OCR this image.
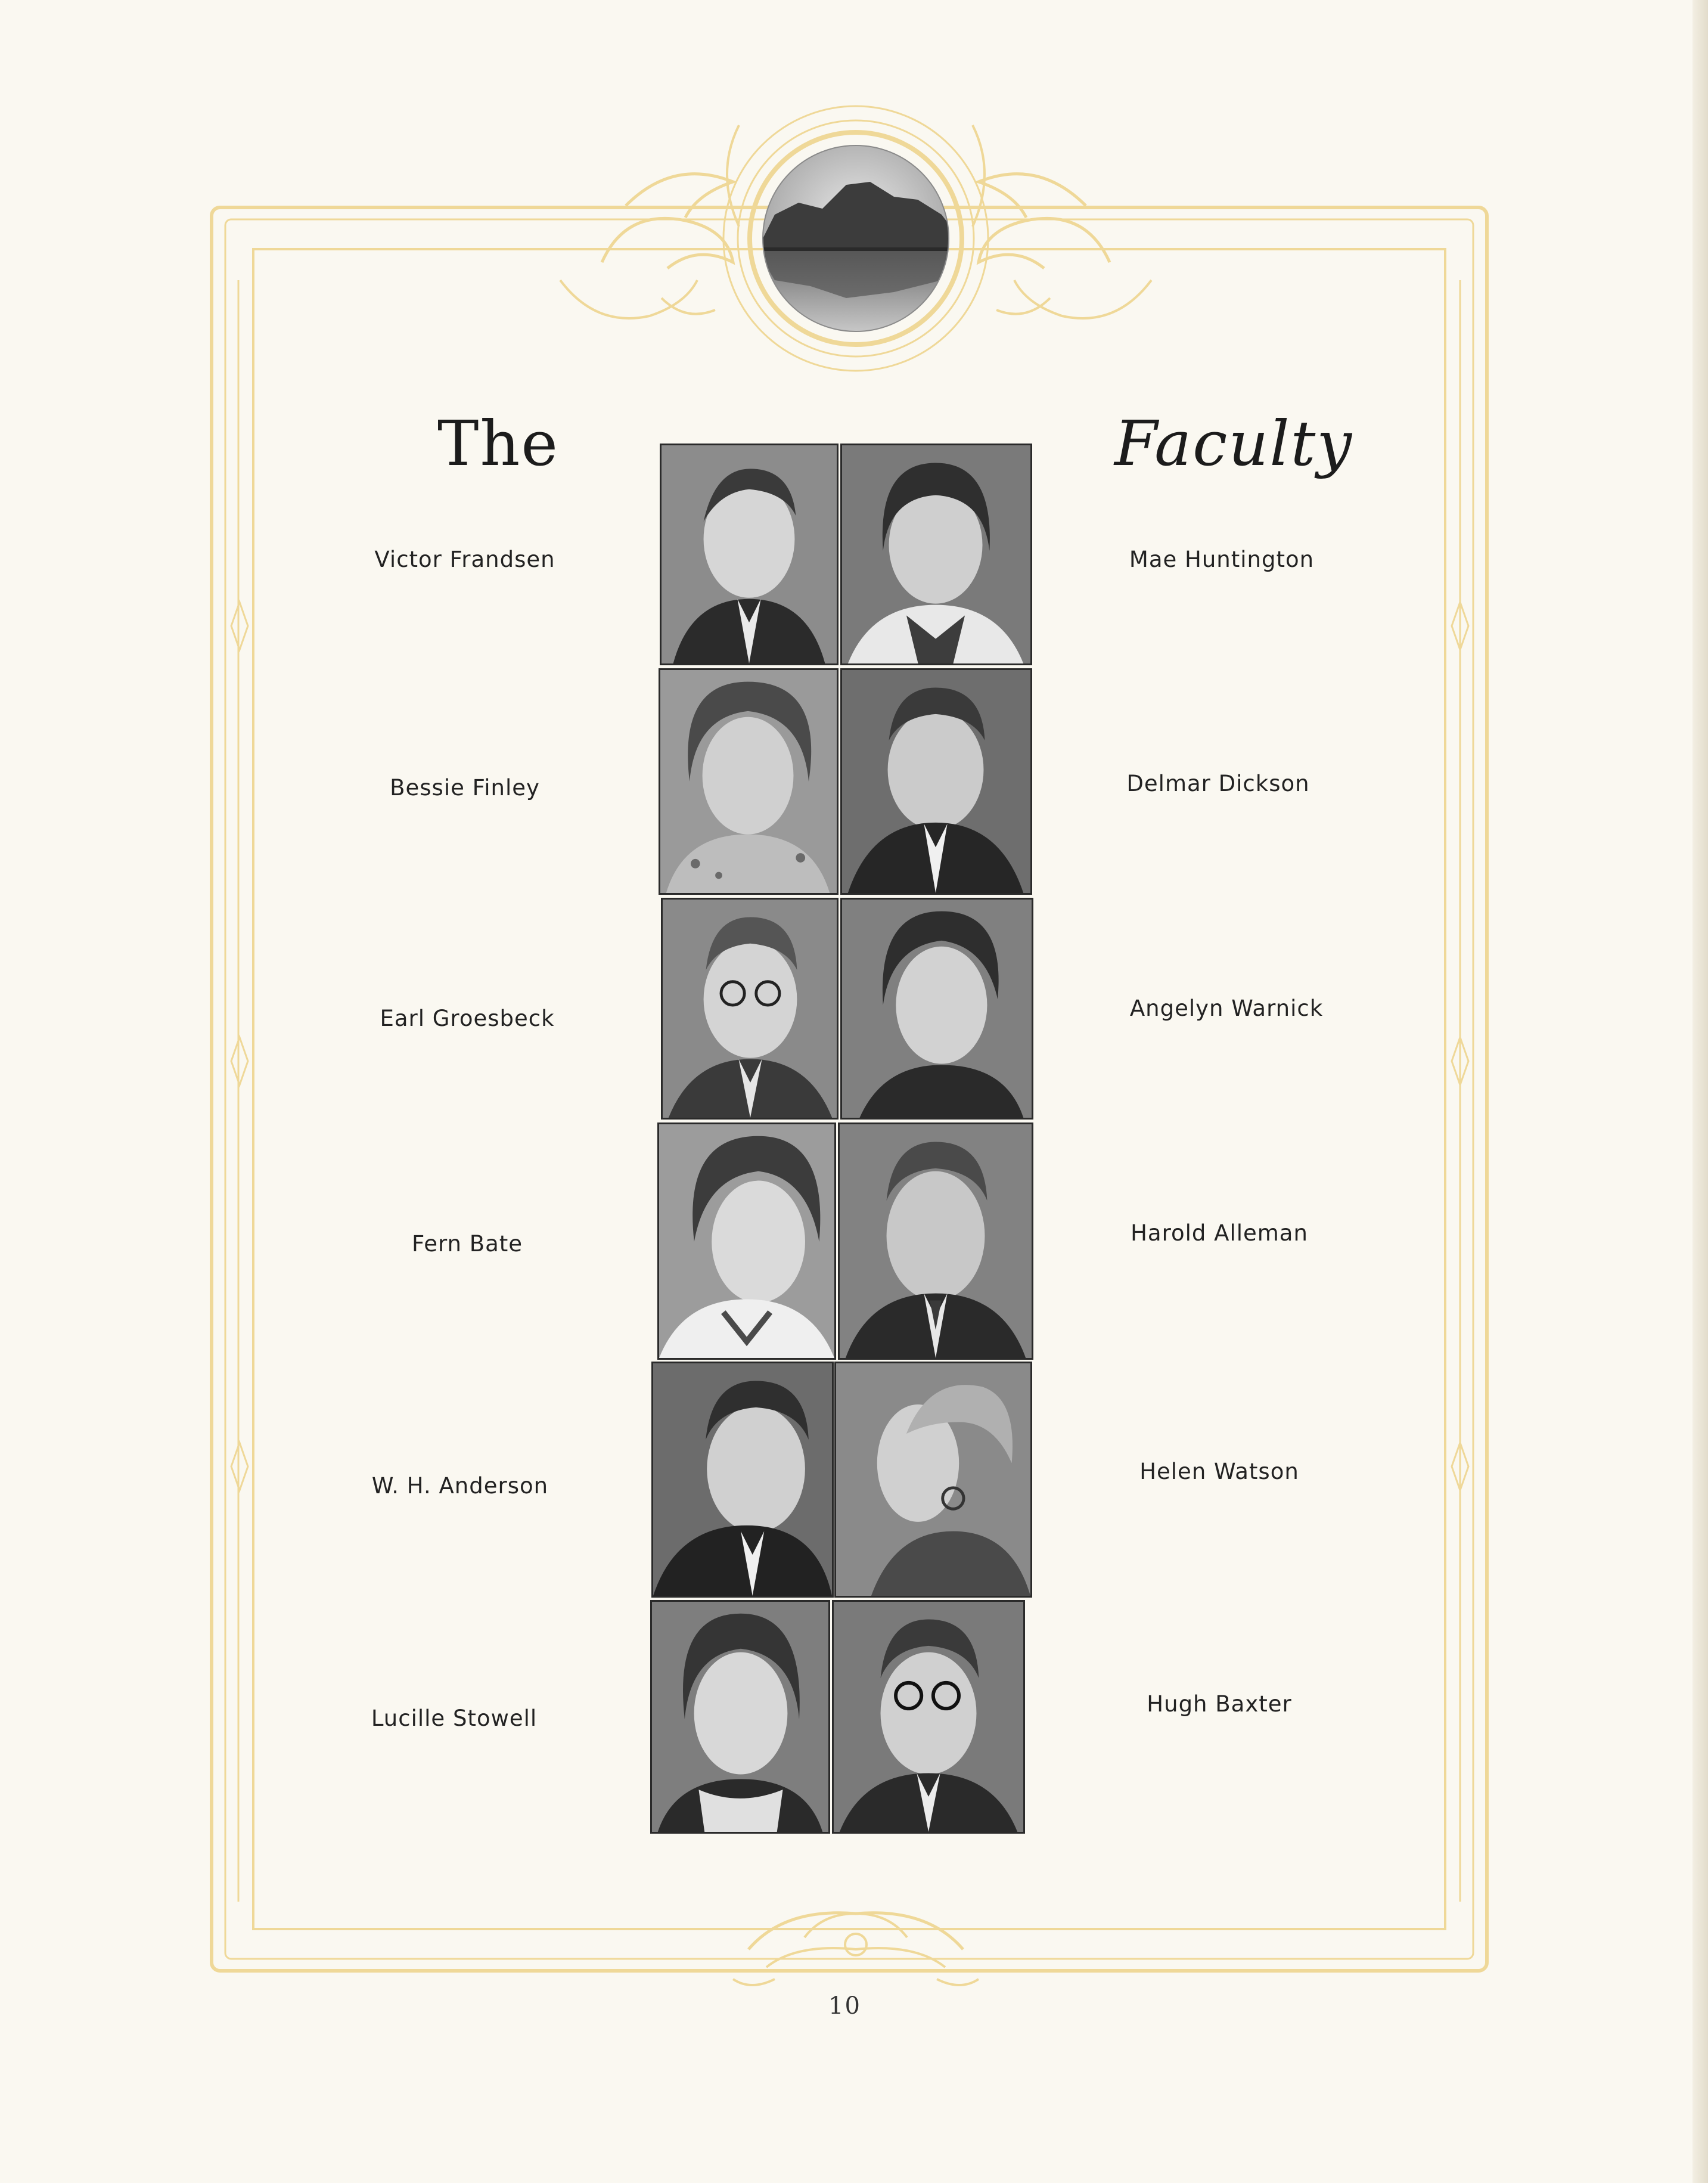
The	Faculty
Victor Frandsen
Bessie Finley
Earl Groesbeck
Fern Bate
W. H. Anderson
Lucille Stowell
Mae Huntington
Delmar Dickson
Angelyn Warnick
Harold Alleman
Helen Watson
Hugh Baxter
10
